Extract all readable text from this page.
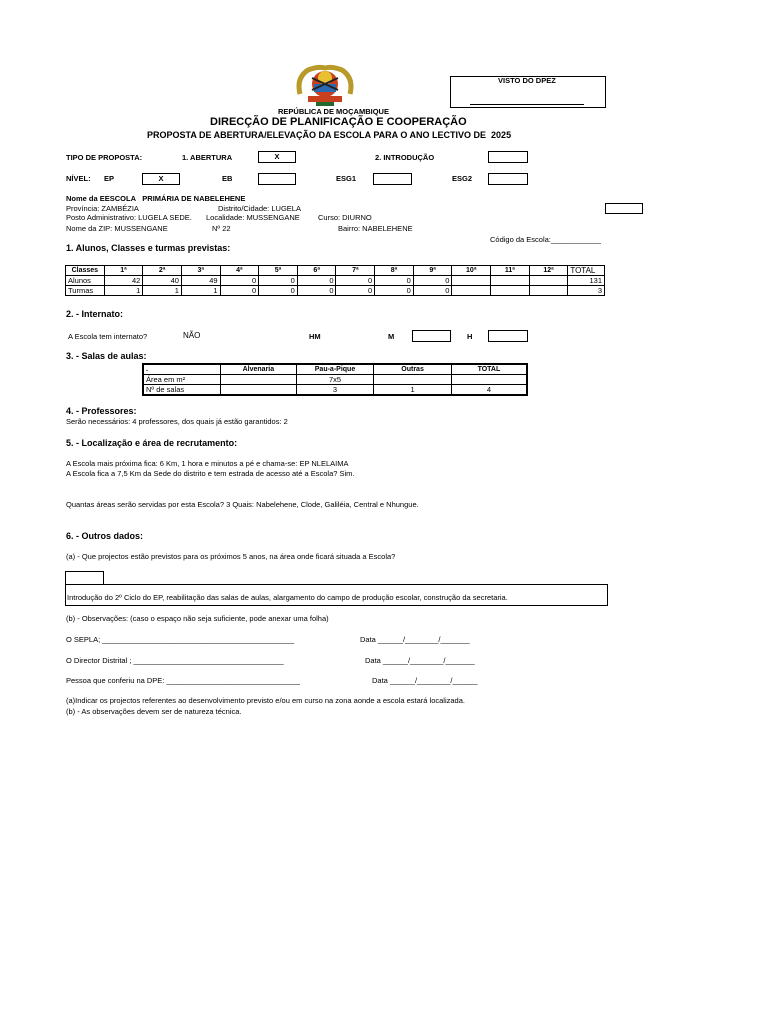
VISTO DO DPEZ
REPÚBLICA DE MOÇAMBIQUE
DIRECÇÃO DE PLANIFICAÇÃO E COOPERAÇÃO
PROPOSTA DE ABERTURA/ELEVAÇÃO DA ESCOLA PARA O ANO LECTIVO DE 2025
TIPO DE PROPOSTA:	1. ABERTURA	X	2. INTRODUÇÃO
NÍVEL: EP	X	EB	ESG1	ESG2
Nome da EESCOLA PRIMÁRIA DE NABELEHENE
Província: ZAMBÉZIA	Distrito/Cidade: LUGELA
Posto Administrativo: LUGELA SEDE. Localidade: MUSSENGANE Curso: DIURNO
Nome da ZIP: MUSSENGANE	Nº 22	Bairro: NABELEHENE
Código da Escola:____________
1. Alunos, Classes e turmas previstas:
Classes	1ª	2ª	3ª	4ª	5ª	6ª	7ª	8ª	9ª	10ª	11ª	12ª	TOTAL
Alunos	42	40	49	0	0	0	0	0	0				131
Turmas	1	1	1	0	0	0	0	0	0				3
2. - Internato:
A Escola tem internato?	NÃO	HM	M	H
3. - Salas de aulas:
.	Alvenaria	Pau-a-Pique	Outras	TOTAL
Área em m²		7x5		
Nº de salas		3	1	4
4. - Professores:
Serão necessários: 4 professores, dos quais já estão garantidos: 2
5. - Localização e área de recrutamento:
A Escola mais próxima fica: 6 Km, 1 hora e minutos a pé e chama-se: EP NLELAIMA
A Escola fica a 7,5 Km da Sede do distrito e tem estrada de acesso até a Escola? Sim.
Quantas áreas serão servidas por esta Escola? 3 Quais: Nabelehene, Clode, Galiléia, Central e Nhungue.
6. - Outros dados:
(a) - Que projectos estão previstos para os próximos 5 anos, na área onde ficará situada a Escola?
Introdução do 2º Ciclo do EP, reabilitação das salas de aulas, alargamento do campo de produção escolar, construção da secretaria.
(b) - Observações: (caso o espaço não seja suficiente, pode anexar uma folha)
O SEPLA; ______________________________________________	Data ______/________/_______
O Director Distrital ; ____________________________________	Data ______/________/_______
Pessoa que conferiu na DPE: ________________________________	Data ______/________/______
(a)Indicar os projectos referentes ao desenvolvimento previsto e/ou em curso na zona aonde a escola estará localizada.
(b) - As observações devem ser de natureza técnica.
